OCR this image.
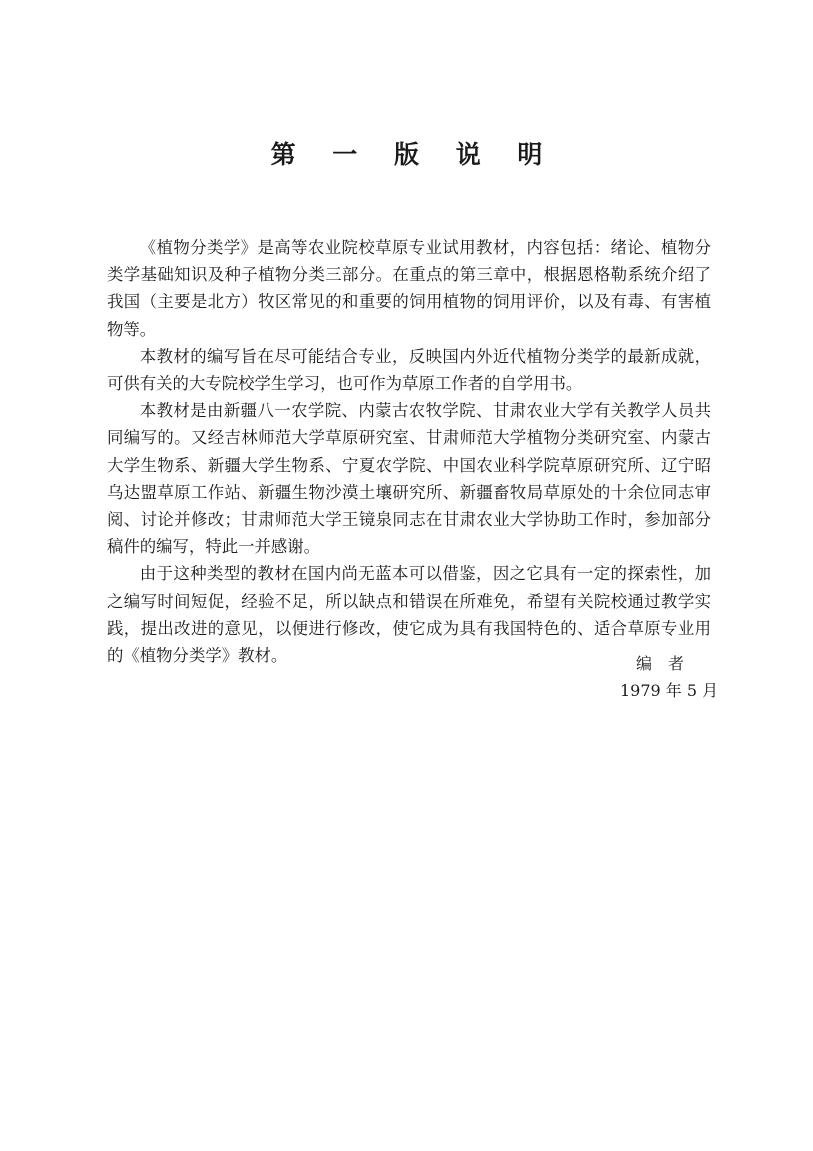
第 一 版 说 明

《植物分类学》是高等农业院校草原专业试用教材，内容包括：绪论、植物分类学基础知识及种子植物分类三部分。在重点的第三章中，根据恩格勒系统介绍了我国（主要是北方）牧区常见的和重要的饲用植物的饲用评价，以及有毒、有害植物等。

本教材的编写旨在尽可能结合专业，反映国内外近代植物分类学的最新成就，可供有关的大专院校学生学习，也可作为草原工作者的自学用书。

本教材是由新疆八一农学院、内蒙古农牧学院、甘肃农业大学有关教学人员共同编写的。又经吉林师范大学草原研究室、甘肃师范大学植物分类研究室、内蒙古大学生物系、新疆大学生物系、宁夏农学院、中国农业科学院草原研究所、辽宁昭乌达盟草原工作站、新疆生物沙漠土壤研究所、新疆畜牧局草原处的十余位同志审阅、讨论并修改；甘肃师范大学王镜泉同志在甘肃农业大学协助工作时，参加部分稿件的编写，特此一并感谢。

由于这种类型的教材在国内尚无蓝本可以借鉴，因之它具有一定的探索性，加之编写时间短促，经验不足，所以缺点和错误在所难免，希望有关院校通过教学实践，提出改进的意见，以便进行修改，使它成为具有我国特色的、适合草原专业用的《植物分类学》教材。	编者
1979 年 5 月
